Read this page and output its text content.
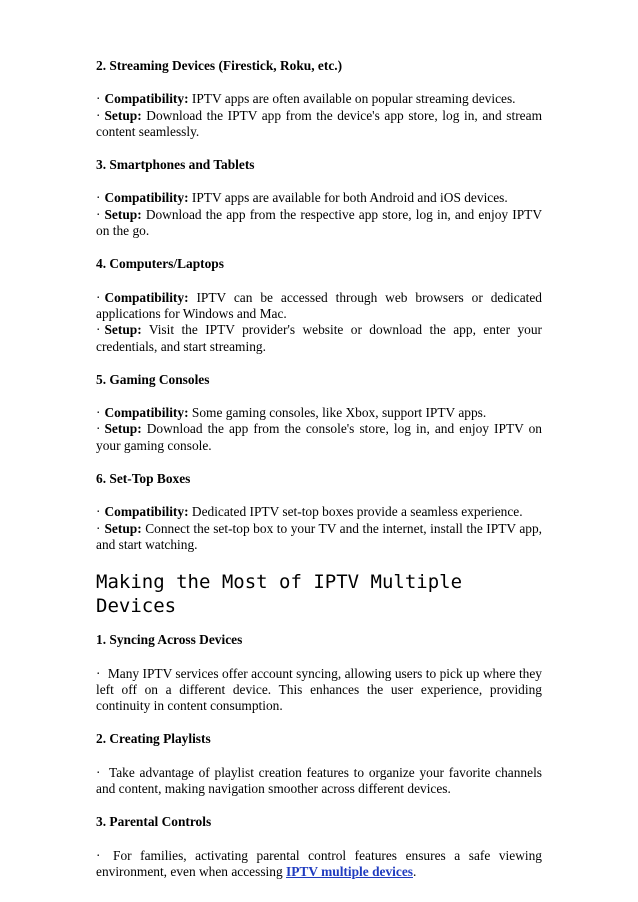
2. Streaming Devices (Firestick, Roku, etc.)

· Compatibility: IPTV apps are often available on popular streaming devices.
· Setup: Download the IPTV app from the device's app store, log in, and stream content seamlessly.

3. Smartphones and Tablets

· Compatibility: IPTV apps are available for both Android and iOS devices.
· Setup: Download the app from the respective app store, log in, and enjoy IPTV on the go.

4. Computers/Laptops

· Compatibility: IPTV can be accessed through web browsers or dedicated applications for Windows and Mac.
· Setup: Visit the IPTV provider's website or download the app, enter your credentials, and start streaming.

5. Gaming Consoles

· Compatibility: Some gaming consoles, like Xbox, support IPTV apps.
· Setup: Download the app from the console's store, log in, and enjoy IPTV on your gaming console.

6. Set-Top Boxes

· Compatibility: Dedicated IPTV set-top boxes provide a seamless experience.
· Setup: Connect the set-top box to your TV and the internet, install the IPTV app, and start watching.
Making the Most of IPTV Multiple Devices

1. Syncing Across Devices

· Many IPTV services offer account syncing, allowing users to pick up where they left off on a different device. This enhances the user experience, providing continuity in content consumption.

2. Creating Playlists

· Take advantage of playlist creation features to organize your favorite channels and content, making navigation smoother across different devices.

3. Parental Controls

· For families, activating parental control features ensures a safe viewing environment, even when accessing IPTV multiple devices.
